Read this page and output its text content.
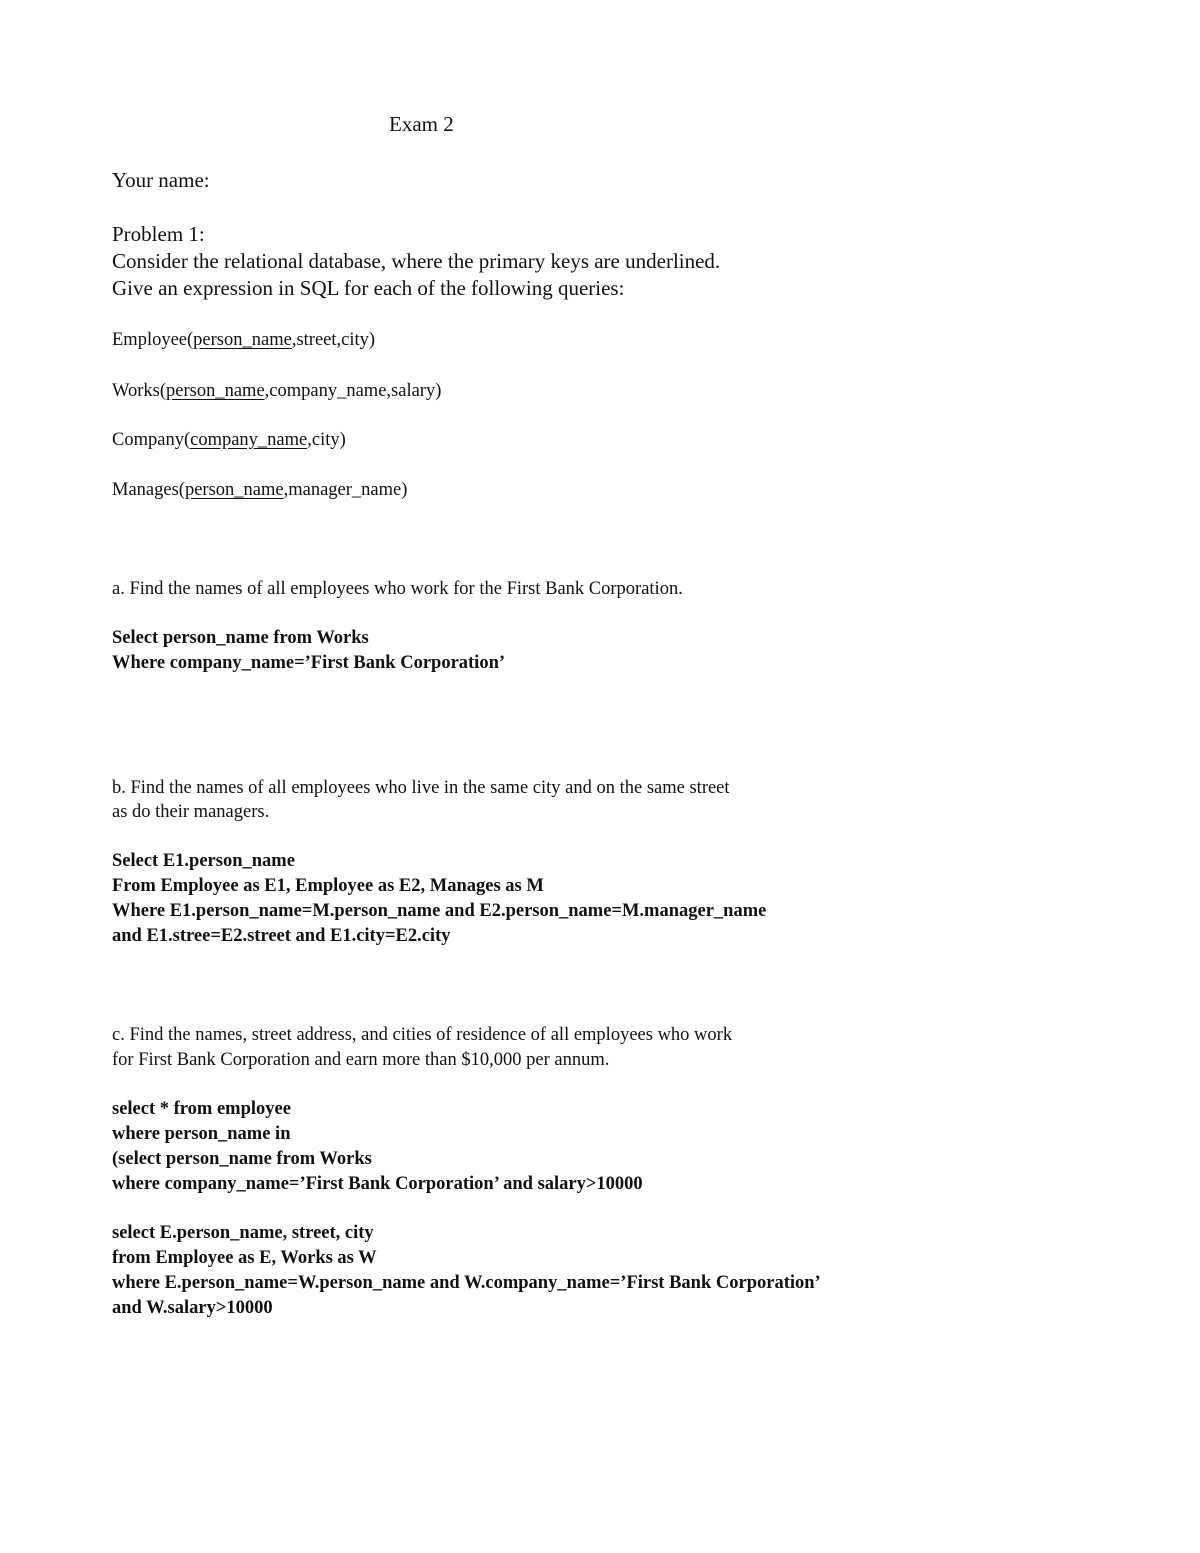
Exam 2
Your name:
Problem 1:
Consider the relational database, where the primary keys are underlined.
Give an expression in SQL for each of the following queries:
Employee(person_name,street,city)
Works(person_name,company_name,salary)
Company(company_name,city)
Manages(person_name,manager_name)
a. Find the names of all employees who work for the First Bank Corporation.
Select person_name from Works
Where company_name=’First Bank Corporation’
b. Find the names of all employees who live in the same city and on the same street
as do their managers.
Select E1.person_name
From Employee as E1, Employee as E2, Manages as M
Where E1.person_name=M.person_name and E2.person_name=M.manager_name
and E1.stree=E2.street and E1.city=E2.city
c. Find the names, street address, and cities of residence of all employees who work
for First Bank Corporation and earn more than $10,000 per annum.
select * from employee
where person_name in
(select person_name from Works
where company_name=’First Bank Corporation’ and salary>10000
select E.person_name, street, city
from Employee as E, Works as W
where E.person_name=W.person_name and W.company_name=’First Bank Corporation’
and W.salary>10000
